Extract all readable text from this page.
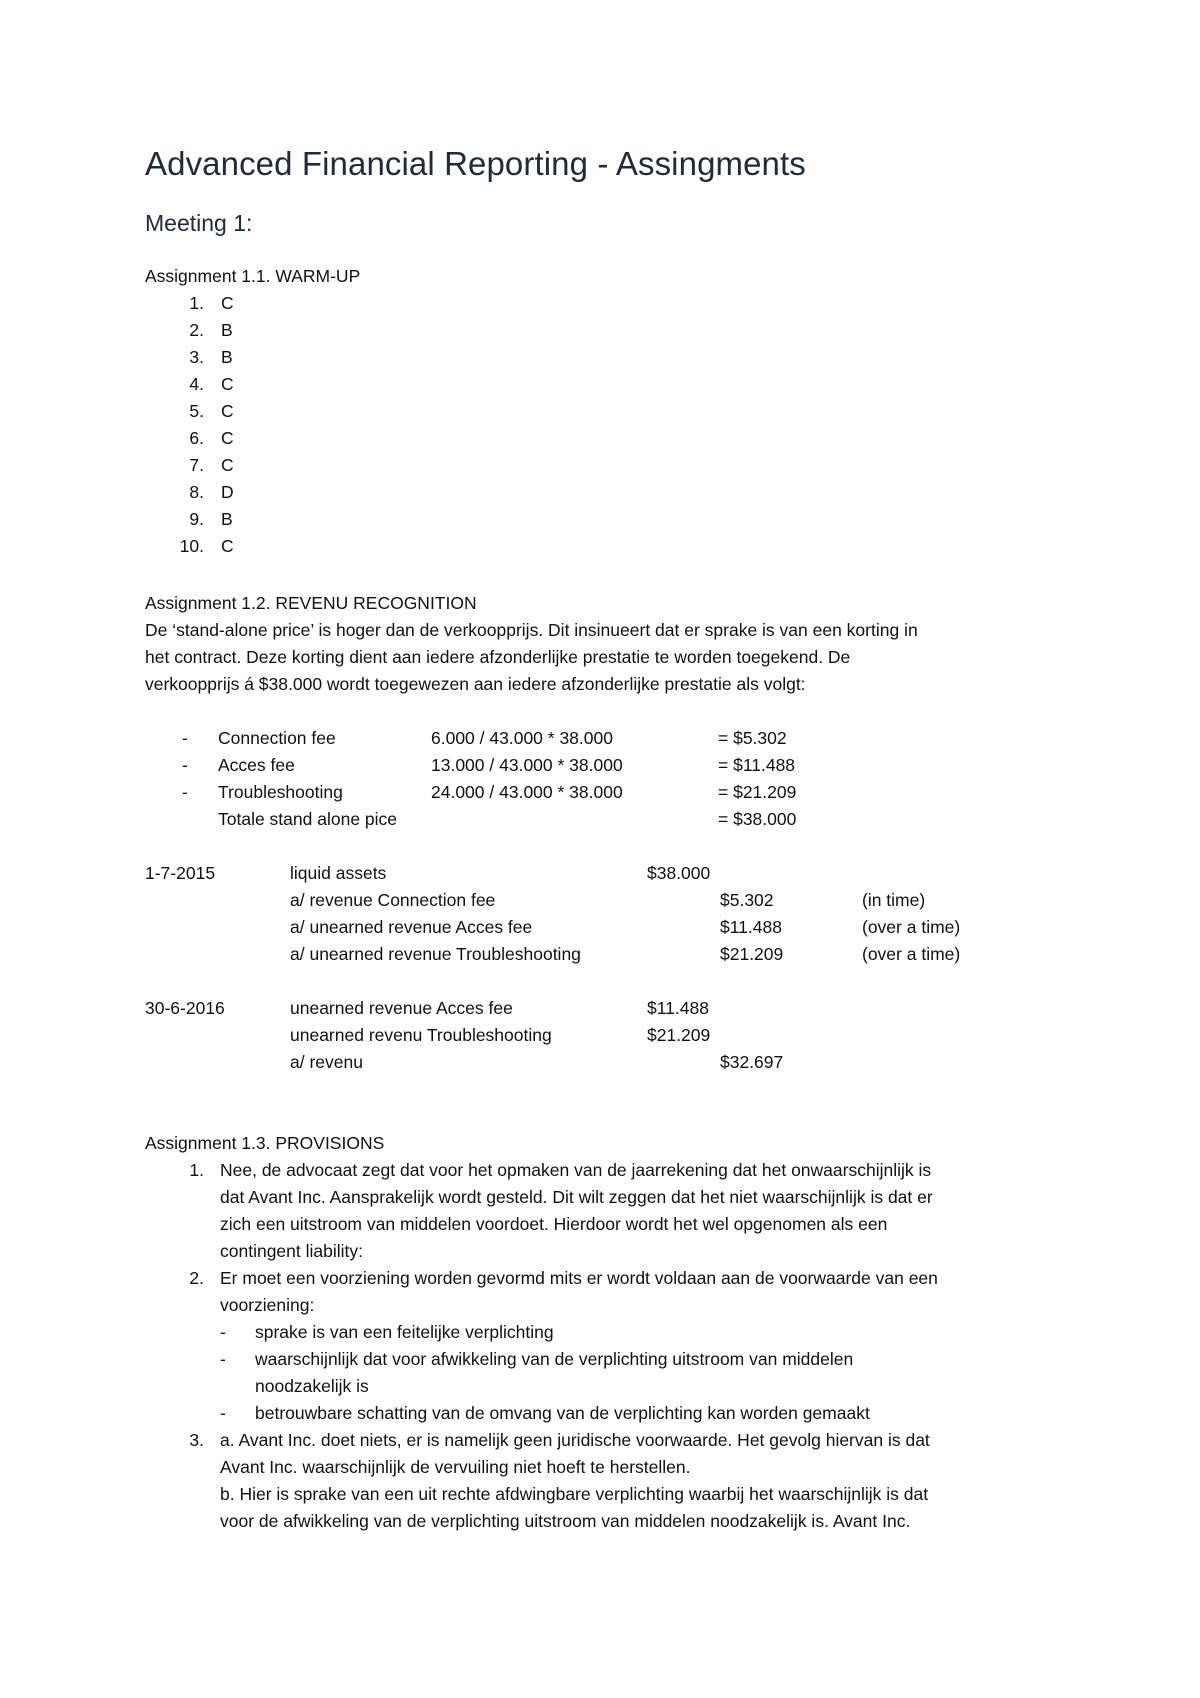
Advanced Financial Reporting - Assingments
Meeting 1:
Assignment 1.1. WARM-UP
1. C
2. B
3. B
4. C
5. C
6. C
7. C
8. D
9. B
10. C
Assignment 1.2. REVENU RECOGNITION
De ‘stand-alone price’ is hoger dan de verkoopprijs. Dit insinueert dat er sprake is van een korting in
het contract. Deze korting dient aan iedere afzonderlijke prestatie te worden toegekend. De
verkoopprijs á $38.000 wordt toegewezen aan iedere afzonderlijke prestatie als volgt:
- Connection fee	6.000 / 43.000 * 38.000	= $5.302
- Acces fee	13.000 / 43.000 * 38.000	= $11.488
- Troubleshooting	24.000 / 43.000 * 38.000	= $21.209
Totale stand alone pice	= $38.000
1-7-2015	liquid assets	$38.000
a/ revenue Connection fee	$5.302	(in time)
a/ unearned revenue Acces fee	$11.488	(over a time)
a/ unearned revenue Troubleshooting	$21.209	(over a time)
30-6-2016	unearned revenue Acces fee	$11.488
unearned revenu Troubleshooting	$21.209
a/ revenu	$32.697
Assignment 1.3. PROVISIONS
1. Nee, de advocaat zegt dat voor het opmaken van de jaarrekening dat het onwaarschijnlijk is
dat Avant Inc. Aansprakelijk wordt gesteld. Dit wilt zeggen dat het niet waarschijnlijk is dat er
zich een uitstroom van middelen voordoet. Hierdoor wordt het wel opgenomen als een
contingent liability:
2. Er moet een voorziening worden gevormd mits er wordt voldaan aan de voorwaarde van een
voorziening:
- sprake is van een feitelijke verplichting
- waarschijnlijk dat voor afwikkeling van de verplichting uitstroom van middelen
noodzakelijk is
- betrouwbare schatting van de omvang van de verplichting kan worden gemaakt
3. a. Avant Inc. doet niets, er is namelijk geen juridische voorwaarde. Het gevolg hiervan is dat
Avant Inc. waarschijnlijk de vervuiling niet hoeft te herstellen.
b. Hier is sprake van een uit rechte afdwingbare verplichting waarbij het waarschijnlijk is dat
voor de afwikkeling van de verplichting uitstroom van middelen noodzakelijk is. Avant Inc.
